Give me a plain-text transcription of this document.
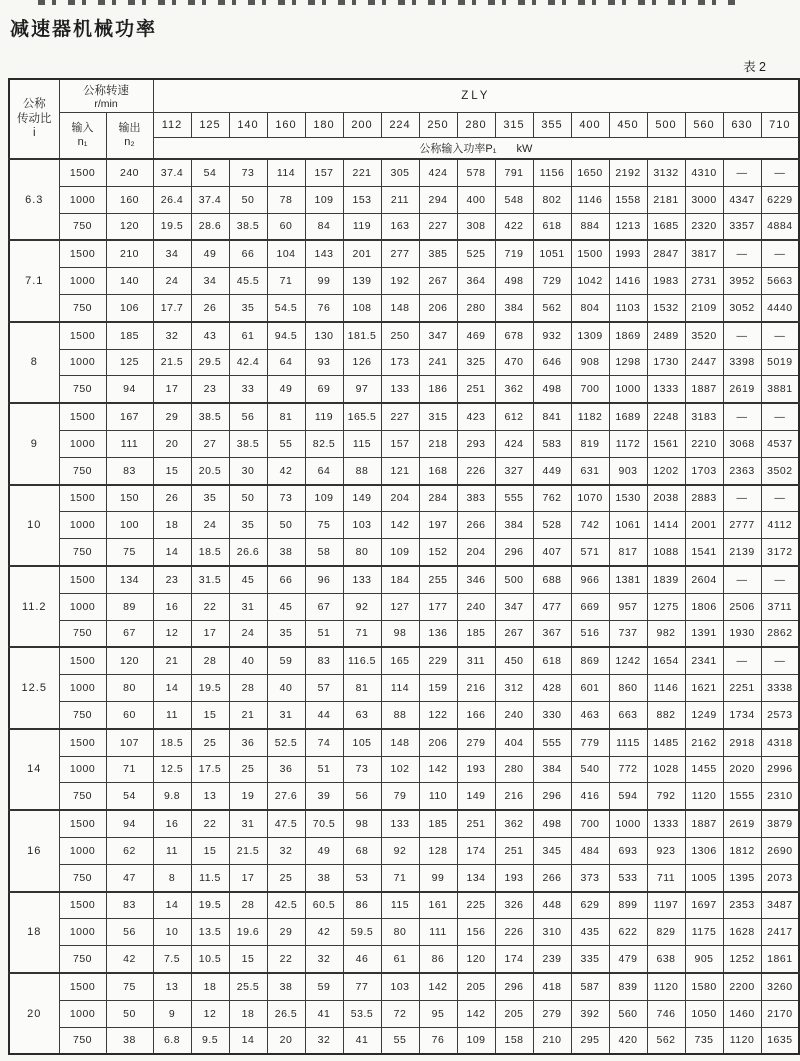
减速器机械功率
表 2
公称
传动比
i

公称转速
r/min
	ZLY

输入
n₁

输出
n₂
	112	125	140	160	180	200	224	250	280	315	355	400	450	500	560	630	710
			公称输入功率P₁ kW																
6.3	1500	240	37.4	54	73	114	157	221	305	424	578	791	1156	1650	2192	3132	4310	—	—
	1000	160	26.4	37.4	50	78	109	153	211	294	400	548	802	1146	1558	2181	3000	4347	6229
	750	120	19.5	28.6	38.5	60	84	119	163	227	308	422	618	884	1213	1685	2320	3357	4884
7.1	1500	210	34	49	66	104	143	201	277	385	525	719	1051	1500	1993	2847	3817	—	—
	1000	140	24	34	45.5	71	99	139	192	267	364	498	729	1042	1416	1983	2731	3952	5663
	750	106	17.7	26	35	54.5	76	108	148	206	280	384	562	804	1103	1532	2109	3052	4440
8	1500	185	32	43	61	94.5	130	181.5	250	347	469	678	932	1309	1869	2489	3520	—	—
	1000	125	21.5	29.5	42.4	64	93	126	173	241	325	470	646	908	1298	1730	2447	3398	5019
	750	94	17	23	33	49	69	97	133	186	251	362	498	700	1000	1333	1887	2619	3881
9	1500	167	29	38.5	56	81	119	165.5	227	315	423	612	841	1182	1689	2248	3183	—	—
	1000	111	20	27	38.5	55	82.5	115	157	218	293	424	583	819	1172	1561	2210	3068	4537
	750	83	15	20.5	30	42	64	88	121	168	226	327	449	631	903	1202	1703	2363	3502
10	1500	150	26	35	50	73	109	149	204	284	383	555	762	1070	1530	2038	2883	—	—
	1000	100	18	24	35	50	75	103	142	197	266	384	528	742	1061	1414	2001	2777	4112
	750	75	14	18.5	26.6	38	58	80	109	152	204	296	407	571	817	1088	1541	2139	3172
11.2	1500	134	23	31.5	45	66	96	133	184	255	346	500	688	966	1381	1839	2604	—	—
	1000	89	16	22	31	45	67	92	127	177	240	347	477	669	957	1275	1806	2506	3711
	750	67	12	17	24	35	51	71	98	136	185	267	367	516	737	982	1391	1930	2862
12.5	1500	120	21	28	40	59	83	116.5	165	229	311	450	618	869	1242	1654	2341	—	—
	1000	80	14	19.5	28	40	57	81	114	159	216	312	428	601	860	1146	1621	2251	3338
	750	60	11	15	21	31	44	63	88	122	166	240	330	463	663	882	1249	1734	2573
14	1500	107	18.5	25	36	52.5	74	105	148	206	279	404	555	779	1115	1485	2162	2918	4318
	1000	71	12.5	17.5	25	36	51	73	102	142	193	280	384	540	772	1028	1455	2020	2996
	750	54	9.8	13	19	27.6	39	56	79	110	149	216	296	416	594	792	1120	1555	2310
16	1500	94	16	22	31	47.5	70.5	98	133	185	251	362	498	700	1000	1333	1887	2619	3879
	1000	62	11	15	21.5	32	49	68	92	128	174	251	345	484	693	923	1306	1812	2690
	750	47	8	11.5	17	25	38	53	71	99	134	193	266	373	533	711	1005	1395	2073
18	1500	83	14	19.5	28	42.5	60.5	86	115	161	225	326	448	629	899	1197	1697	2353	3487
	1000	56	10	13.5	19.6	29	42	59.5	80	111	156	226	310	435	622	829	1175	1628	2417
	750	42	7.5	10.5	15	22	32	46	61	86	120	174	239	335	479	638	905	1252	1861
20	1500	75	13	18	25.5	38	59	77	103	142	205	296	418	587	839	1120	1580	2200	3260
	1000	50	9	12	18	26.5	41	53.5	72	95	142	205	279	392	560	746	1050	1460	2170
	750	38	6.8	9.5	14	20	32	41	55	76	109	158	210	295	420	562	735	1120	1635
